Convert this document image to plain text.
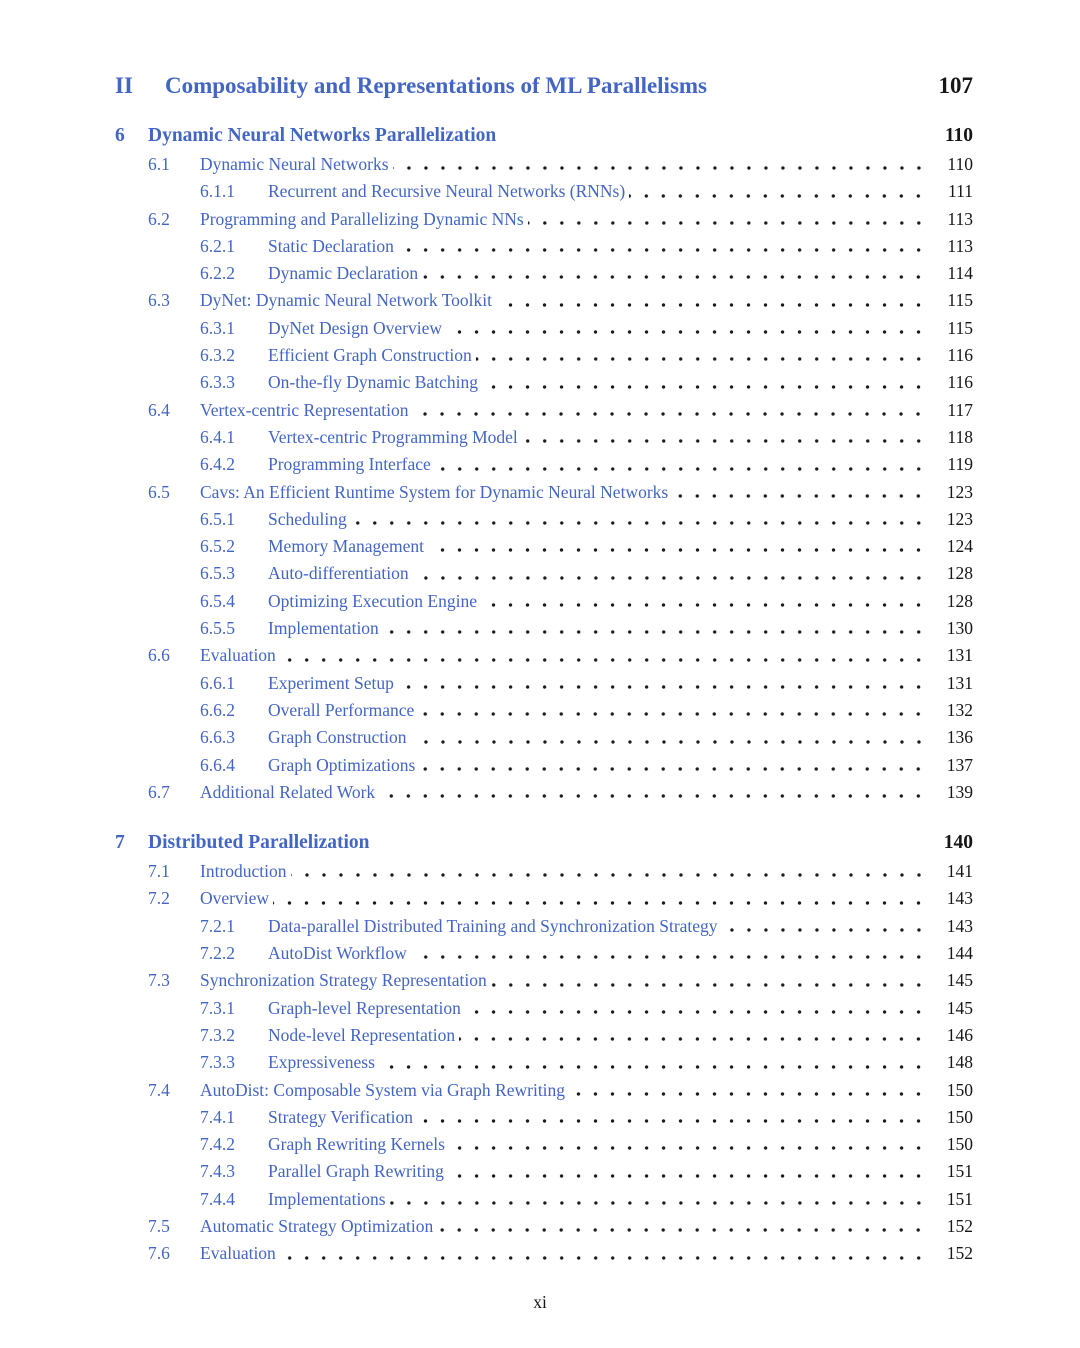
II	Composability and Representations of ML Parallelisms	107
6	Dynamic Neural Networks Parallelization	110
6.1	Dynamic Neural Networks	110
6.1.1	Recurrent and Recursive Neural Networks (RNNs)	111
6.2	Programming and Parallelizing Dynamic NNs	113
6.2.1	Static Declaration	113
6.2.2	Dynamic Declaration	114
6.3	DyNet: Dynamic Neural Network Toolkit	115
6.3.1	DyNet Design Overview	115
6.3.2	Efficient Graph Construction	116
6.3.3	On-the-fly Dynamic Batching	116
6.4	Vertex-centric Representation	117
6.4.1	Vertex-centric Programming Model	118
6.4.2	Programming Interface	119
6.5	Cavs: An Efficient Runtime System for Dynamic Neural Networks	123
6.5.1	Scheduling	123
6.5.2	Memory Management	124
6.5.3	Auto-differentiation	128
6.5.4	Optimizing Execution Engine	128
6.5.5	Implementation	130
6.6	Evaluation	131
6.6.1	Experiment Setup	131
6.6.2	Overall Performance	132
6.6.3	Graph Construction	136
6.6.4	Graph Optimizations	137
6.7	Additional Related Work	139
7	Distributed Parallelization	140
7.1	Introduction	141
7.2	Overview	143
7.2.1	Data-parallel Distributed Training and Synchronization Strategy	143
7.2.2	AutoDist Workflow	144
7.3	Synchronization Strategy Representation	145
7.3.1	Graph-level Representation	145
7.3.2	Node-level Representation	146
7.3.3	Expressiveness	148
7.4	AutoDist: Composable System via Graph Rewriting	150
7.4.1	Strategy Verification	150
7.4.2	Graph Rewriting Kernels	150
7.4.3	Parallel Graph Rewriting	151
7.4.4	Implementations	151
7.5	Automatic Strategy Optimization	152
7.6	Evaluation	152
xi
